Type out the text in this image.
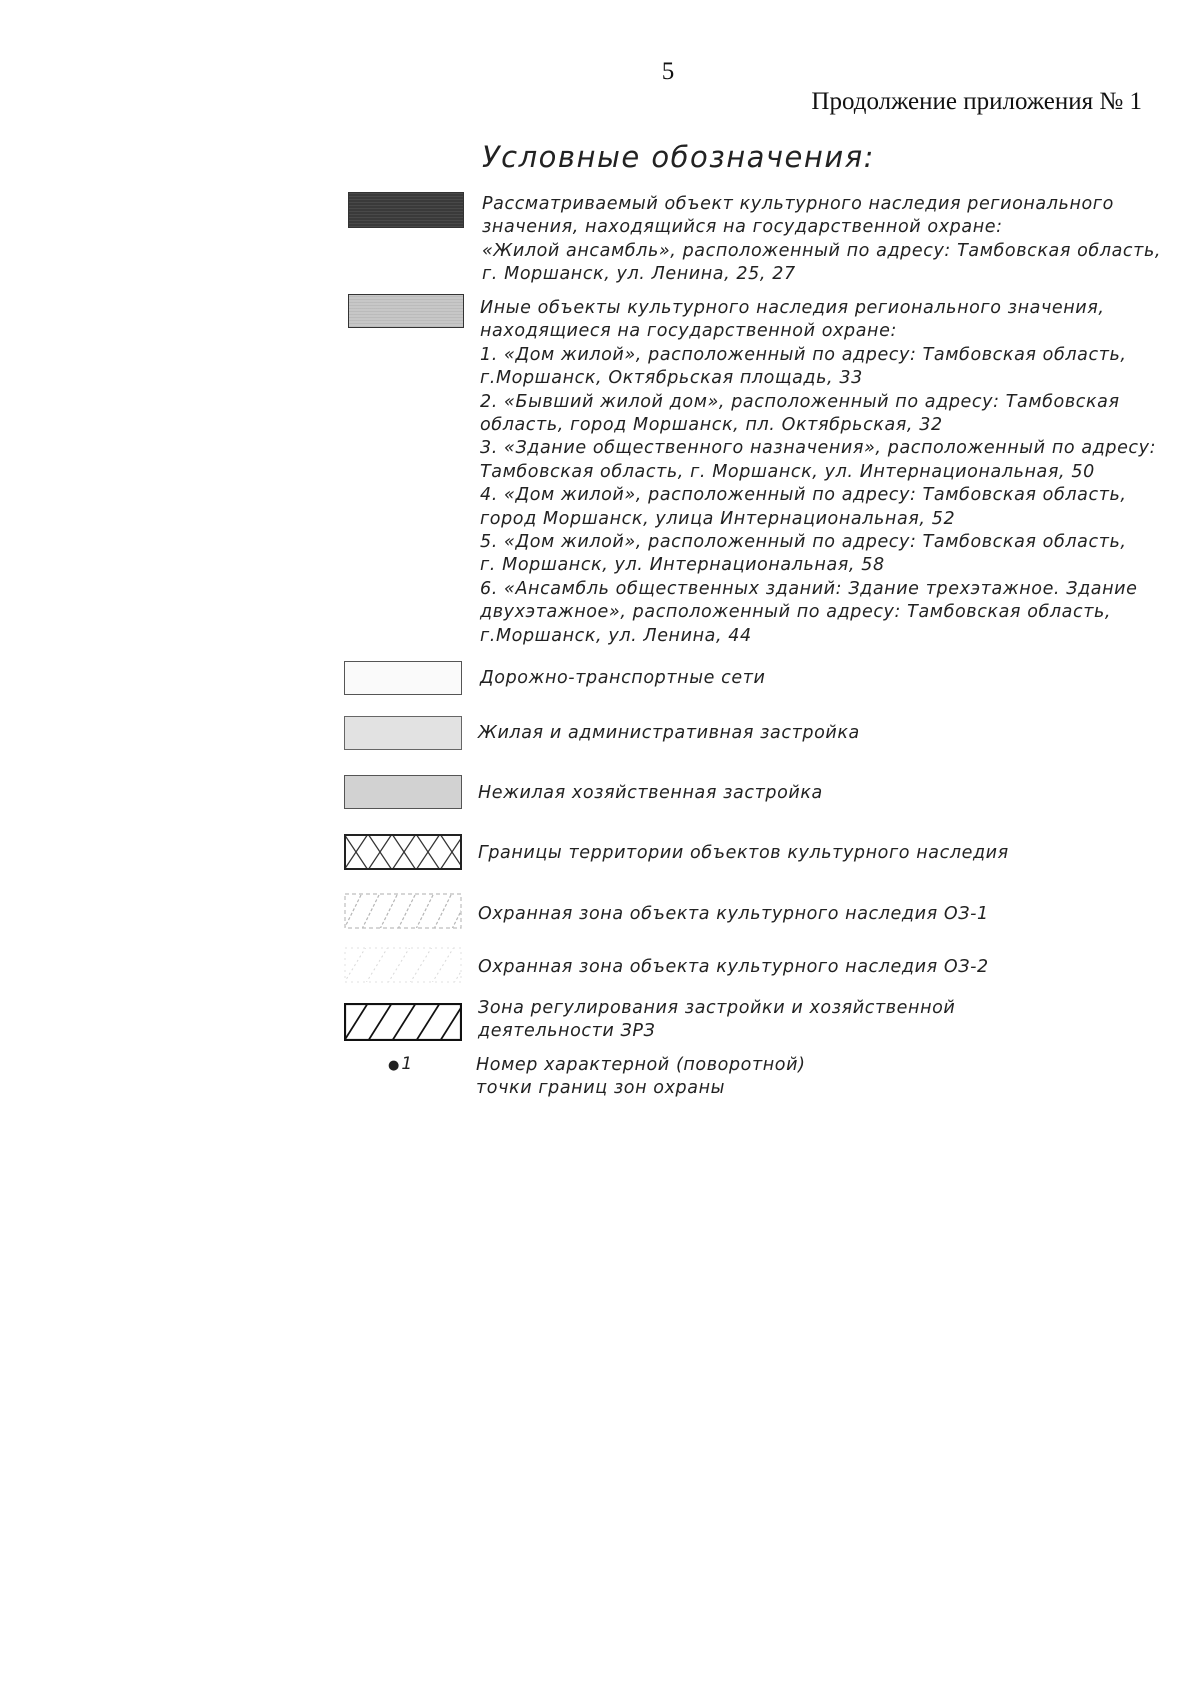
5
Продолжение приложения № 1
Условные обозначения:
Рассматриваемый объект культурного наследия регионального
значения, находящийся на государственной охране:
«Жилой ансамбль», расположенный по адресу: Тамбовская область,
г. Моршанск, ул. Ленина, 25, 27
Иные объекты культурного наследия регионального значения,
находящиеся на государственной охране:
1. «Дом жилой», расположенный по адресу: Тамбовская область,
г.Моршанск, Октябрьская площадь, 33
2. «Бывший жилой дом», расположенный по адресу: Тамбовская
область, город Моршанск, пл. Октябрьская, 32
3. «Здание общественного назначения», расположенный по адресу:
Тамбовская область, г. Моршанск, ул. Интернациональная, 50
4. «Дом жилой», расположенный по адресу: Тамбовская область,
город Моршанск, улица Интернациональная, 52
5. «Дом жилой», расположенный по адресу: Тамбовская область,
г. Моршанск, ул. Интернациональная, 58
6. «Ансамбль общественных зданий: Здание трехэтажное. Здание
двухэтажное», расположенный по адресу: Тамбовская область,
г.Моршанск, ул. Ленина, 44
Дорожно-транспортные сети
Жилая и административная застройка
Нежилая хозяйственная застройка
Границы территории объектов культурного наследия
Охранная зона объекта культурного наследия ОЗ-1
Охранная зона объекта культурного наследия ОЗ-2
Зона регулирования застройки и хозяйственной
деятельности ЗРЗ
● 1	Номер характерной (поворотной)
точки границ зон охраны
